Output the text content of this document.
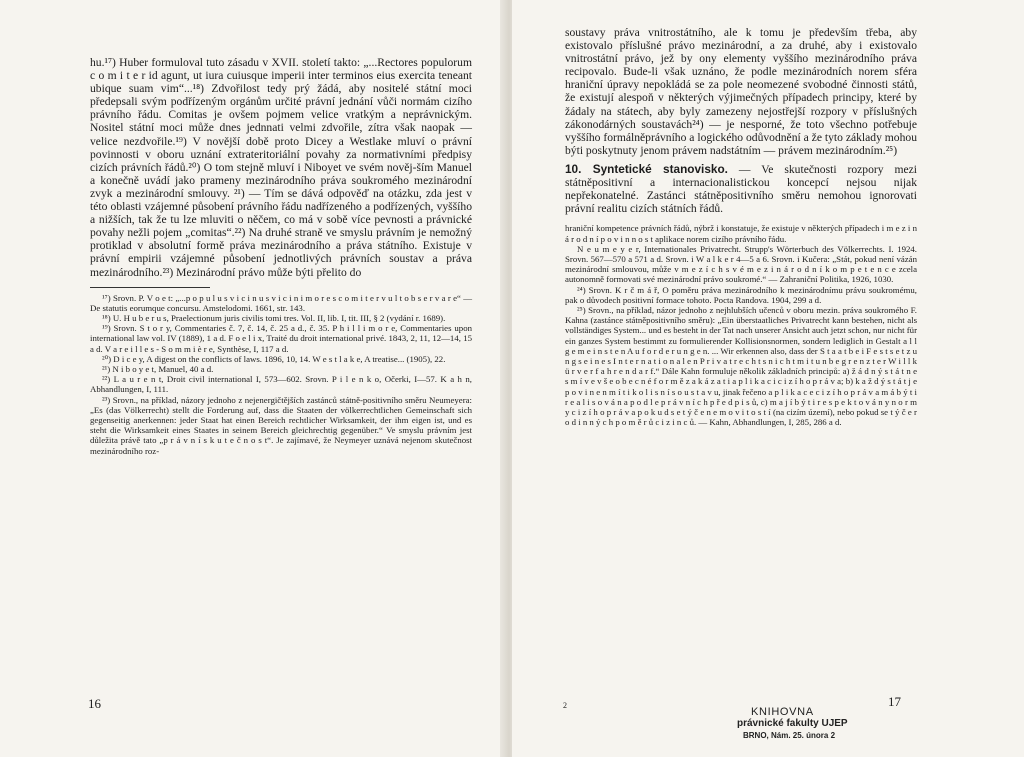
hu.¹⁷) Huber formuloval tuto zásadu v XVII. století takto: „...Rectores populorum c o m i t e r id agunt, ut iura cuiusque imperii inter terminos eius exercita teneant ubique suam vim“...¹⁸) Zdvořilost tedy prý žádá, aby nositelé státní moci předepsali svým podřízeným orgánům určité právní jednání vůči normám cizího právního řádu. Comitas je ovšem pojmem velice vratkým a neprávnickým. Nositel státní moci může dnes jednnati velmi zdvořile, zítra však naopak — velice nezdvořile.¹⁹) V novější době proto Dicey a Westlake mluví o právní povinnosti v oboru uznání extrateritoriální povahy za normativními předpisy cizích právních řádů.²⁰) O tom stejně mluví i Niboyet ve svém nověj-ším Manuel a konečně uvádí jako prameny mezinárodního práva soukromého mezinárodní zvyk a mezinárodní smlouvy. ²¹) — Tím se dává odpověď na otázku, zda jest v této oblasti vzájemné působení právního řádu nadřízeného a podřízených, vyššího a nižších, tak že tu lze mluviti o něčem, co má v sobě více pevnosti a právnické povahy nežli pojem „comitas“.²²) Na druhé straně ve smyslu právním je nemožný protiklad v absolutní formě práva mezinárodního a práva státního. Existuje v právní empirii vzájemné působení jednotlivých právních soustav a práva mezinárodního.²³) Mezinárodní právo může býti přelito do

¹⁷) Srovn. P. V o e t: „...p o p u l u s v i c i n u s v i c i n i m o r e s c o m i t e r v u l t o b s e r v a r e“ — De statutis eorumque concursu. Amstelodomi. 1661, str. 143.
¹⁸) U. H u b e r u s, Praelectionum juris civilis tomi tres. Vol. II, lib. I, tit. III, § 2 (vydání r. 1689).
¹⁹) Srovn. S t o r y, Commentaries č. 7, č. 14, č. 25 a d., č. 35. P h i l l i m o r e, Commentaries upon international law vol. IV (1889), 1 a d. F o e l i x, Traité du droit international privé. 1843, 2, 11, 12—14, 15 a d. V a r e i l l e s - S o m m i è r e, Synthèse, I, 117 a d.
²⁰) D i c e y, A digest on the conflicts of laws. 1896, 10, 14. W e s t l a k e, A treatise... (1905), 22.
²¹) N i b o y e t, Manuel, 40 a d.
²²) L a u r e n t, Droit civil international I, 573—602. Srovn. P i l e n k o, Očerki, I—57. K a h n, Abhandlungen, I, 111.
²³) Srovn., na příklad, názory jednoho z nejenergičtějších zastánců státně-positivního směru Neumeyera: „Es (das Völkerrecht) stellt die Forderung auf, dass die Staaten der völkerrechtlichen Gemeinschaft sich gegenseitig anerkennen: jeder Staat hat einen Bereich rechtlicher Wirksamkeit, der ihm eigen ist, und es steht die Wirksamkeit eines Staates in seinem Bereich gleichrechtig gegenüber.“ Ve smyslu právním jest důležita právě tato „p r á v n í s k u t e č n o s t“. Je zajímavé, že Neymeyer uznává nejenom skutečnost mezinárodního roz-
16

soustavy práva vnitrostátního, ale k tomu je především třeba, aby existovalo příslušné právo mezinárodní, a za druhé, aby i existovalo vnitrostátní právo, jež by ony elementy vyššího mezinárodního práva recipovalo. Bude-li však uznáno, že podle mezinárodních norem sféra hraniční úpravy nepokládá se za pole neomezené svobodné činnosti států, že existují alespoň v některých výjimečných případech principy, které by žádaly na státech, aby byly zamezeny nejostřejší rozpory v příslušných zákonodárných soustavách²⁴) — je nesporné, že toto všechno potřebuje vyššího formálněprávního a logického odůvodnění a že tyto základy mohou býti poskytnuty jenom právem nadstátním — právem mezinárodním.²⁵)

10. Syntetické stanovisko. — Ve skutečnosti rozpory mezi státněpositivní a internacionalistickou koncepcí nejsou nijak nepřekonatelné. Zastánci státněpositivního směru nemohou ignorovati právní realitu cizích státních řádů.

hraniční kompetence právních řádů, nýbrž i konstatuje, že existuje v některých případech i m e z i n á r o d n í p o v i n n o s t aplikace norem cizího právního řádu.
N e u m e y e r, Internationales Privatrecht. Strupp's Wörterbuch des Völkerrechts. I. 1924. Srovn. 567—570 a 571 a d. Srovn. i W a l k e r 4—5 a 6. Srovn. i Kučera: „Stát, pokud není vázán mezinárodní smlouvou, může v m e z í c h s v é m e z i n á r o d n í k o m p e t e n c e zcela autonomně formovati své mezinárodní právo soukromé.“ — Zahraniční Politika, 1926, 1030.
²⁴) Srovn. K r č m á ř, O poměru práva mezinárodního k mezinárodnímu právu soukromému, pak o důvodech positivní formace tohoto. Pocta Randova. 1904, 299 a d.
²⁵) Srovn., na příklad, názor jednoho z nejhlubších učenců v oboru mezin. práva soukromého F. Kahna (zastánce státněpositivního směru): „Ein überstaatliches Privatrecht kann bestehen, nicht als vollständiges System... und es besteht in der Tat nach unserer Ansicht auch jetzt schon, nur nicht für ein ganzes System bestimmt zu formulierender Kollisionsnormen, sondern lediglich in Gestalt a l l g e m e i n s t e n A u f o r d e r u n g e n. ... Wir erkennen also, dass der S t a a t b e i F e s t s e t z u n g s e i n e s I n t e r n a t i o n a l e n P r i v a t r e c h t s n i c h t m i t u n b e g r e n z t e r W i l l k ü r v e r f a h r e n d a r f.“ Dále Kahn formuluje několik základních principů: a) ž á d n ý s t á t n e s m í v e v š e o b e c n é f o r m ě z a k á z a t i a p l i k a c i c i z í h o p r á v a; b) k a ž d ý s t á t j e p o v i n e n m í t i k o l i s n í s o u s t a v u, jinak řečeno a p l i k a c e c i z í h o p r á v a m á b ý t i r e a l i s o v á n a p o d l e p r á v n í c h p ř e d p i s ů, c) m a j í b ý t i r e s p e k t o v á n y n o r m y c i z í h o p r á v a p o k u d s e t ý č e n e m o v i t o s t í (na cizím území), nebo pokud se t ý č e r o d i n n ý c h p o m ě r ů c i z i n c ů. — Kahn, Abhandlungen, I, 285, 286 a d.
2	17
KNIHOVNA
právnické fakulty UJEP
BRNO, Nám. 25. února 2
